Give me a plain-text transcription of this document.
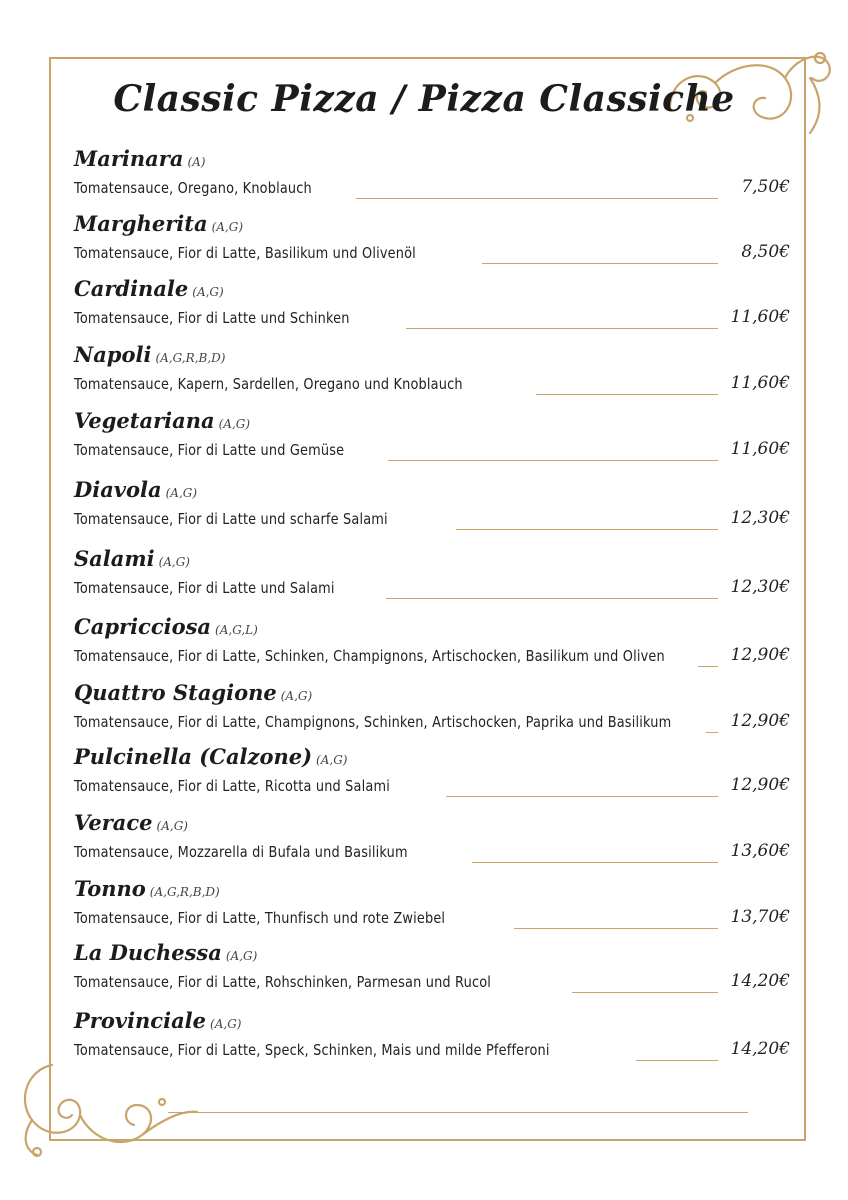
Classic Pizza / Pizza Classiche
Marinara (A)
Tomatensauce, Oregano, Knoblauch	7,50€
Margherita (A,G)
Tomatensauce, Fior di Latte, Basilikum und Olivenöl	8,50€
Cardinale (A,G)
Tomatensauce, Fior di Latte und Schinken	11,60€
Napoli (A,G,R,B,D)
Tomatensauce, Kapern, Sardellen, Oregano und Knoblauch	11,60€
Vegetariana (A,G)
Tomatensauce, Fior di Latte und Gemüse	11,60€
Diavola (A,G)
Tomatensauce, Fior di Latte und scharfe Salami	12,30€
Salami (A,G)
Tomatensauce, Fior di Latte und Salami	12,30€
Capricciosa (A,G,L)
Tomatensauce, Fior di Latte, Schinken, Champignons, Artischocken, Basilikum und Oliven	12,90€
Quattro Stagione (A,G)
Tomatensauce, Fior di Latte, Champignons, Schinken, Artischocken, Paprika und Basilikum	12,90€
Pulcinella (Calzone) (A,G)
Tomatensauce, Fior di Latte, Ricotta und Salami	12,90€
Verace (A,G)
Tomatensauce, Mozzarella di Bufala und Basilikum	13,60€
Tonno (A,G,R,B,D)
Tomatensauce, Fior di Latte, Thunfisch und rote Zwiebel	13,70€
La Duchessa (A,G)
Tomatensauce, Fior di Latte, Rohschinken, Parmesan und Rucol	14,20€
Provinciale (A,G)
Tomatensauce, Fior di Latte, Speck, Schinken, Mais und milde Pfefferoni	14,20€
